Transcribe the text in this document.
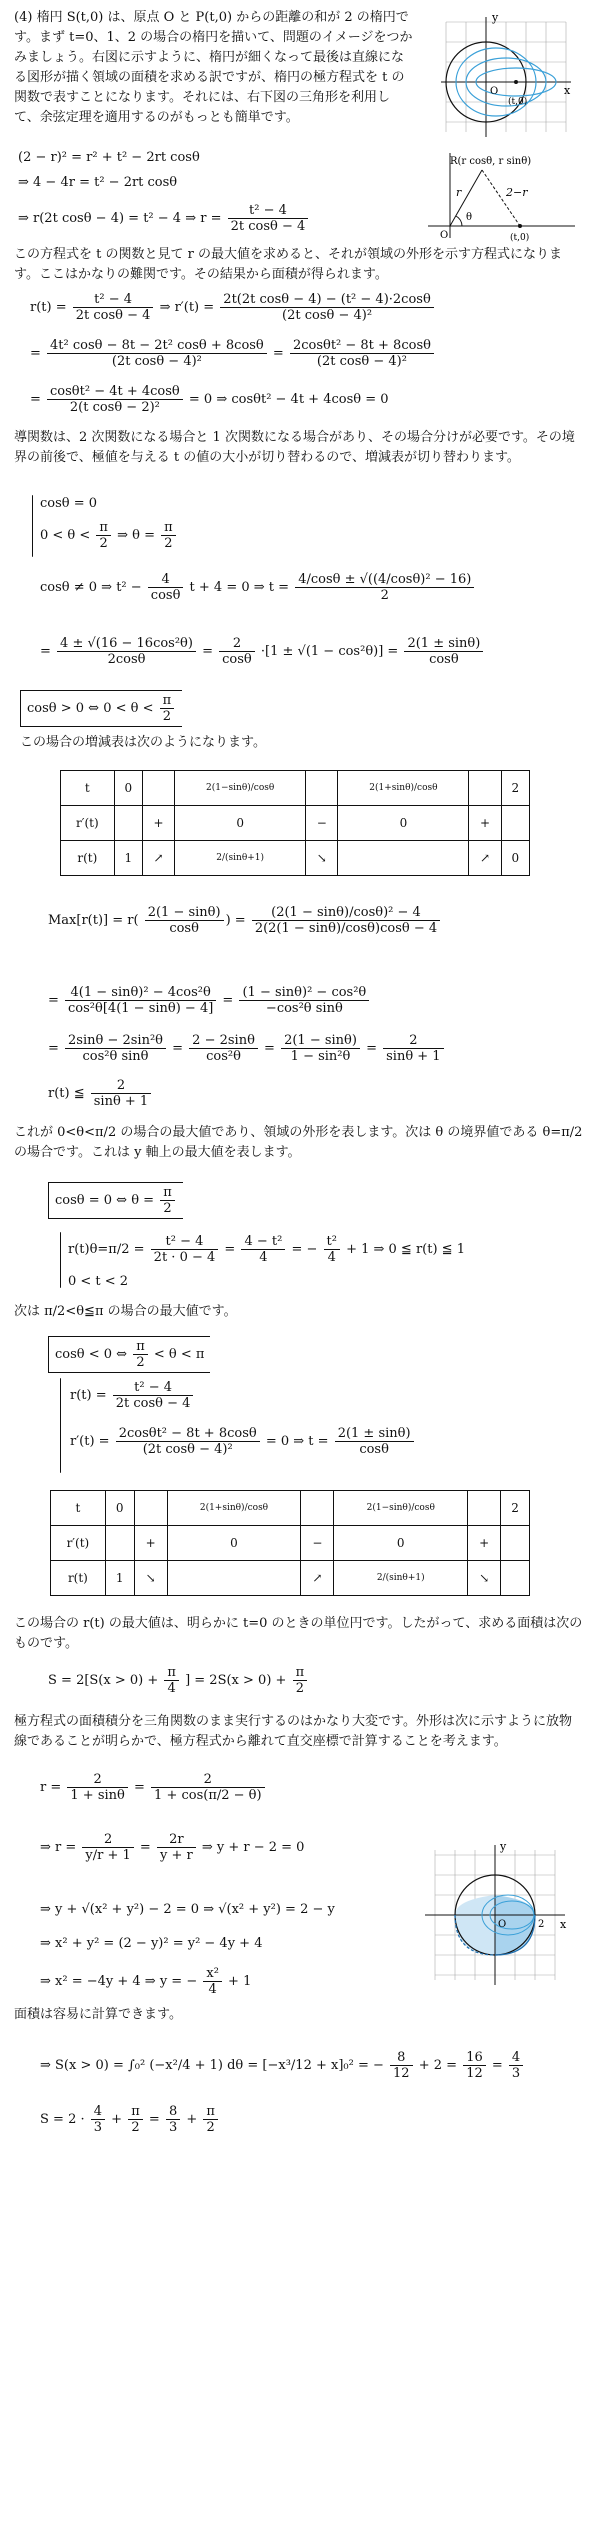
(4) 楕円 S(t,0) は、原点 O と P(t,0) からの距離の和が 2 の楕円です。まず t=0、1、2 の場合の楕円を描いて、問題のイメージをつかみましょう。右図に示すように、楕円が細くなって最後は直線になる図形が描く領域の面積を求める訳ですが、楕円の極方程式を t の関数で表すことになります。それには、右下図の三角形を利用して、余弦定理を適用するのがもっとも簡単です。
y
x
O
(t,0)
R(r cosθ, r sinθ)
r	2−r
θ
O	(t,0)
(2 − r)² = r² + t² − 2rt cosθ
⇒ 4 − 4r = t² − 2rt cosθ
⇒ r(2t cosθ − 4) = t² − 4 ⇒ $r = \frac{\text{t² − 4}}{\text{2t cosθ − 4}}$
この方程式を t の関数と見て r の最大値を求めると、それが領域の外形を示す方程式になります。ここはかなりの難関です。その結果から面積が得られます。
$r(t) = \frac{\text{t² − 4}}{\text{2t cosθ − 4}}$ ⇒ $r'(t) = \frac{\text{2t(2t cosθ − 4) − (t² − 4)·2cosθ}}{\text{(2t cosθ − 4)²}}$
= $\frac{\text{4t² cosθ − 8t − 2t² cosθ + 8cosθ}}{\text{(2t cosθ − 4)²}} = \frac{\text{2cosθt² − 8t + 8cosθ}}{\text{(2t cosθ − 4)²}}$
= $\frac{\text{cosθt² − 4t + 4cosθ}}{\text{2(t cosθ − 2)²}} = 0$ ⇒ cosθt² − 4t + 4cosθ = 0
導関数は、2 次関数になる場合と 1 次関数になる場合があり、その場合分けが必要です。その境界の前後で、極値を与える t の値の大小が切り替わるので、増減表が切り替わります。
cosθ = 0
$0 < \theta < \frac{\pi}{2}$ ⇒ $\theta = \frac{\pi}{2}$
cosθ ≠ 0 ⇒ $t^2 - \frac{4}{\cos\theta}$ t + 4 = 0 ⇒ $t = \frac{\text{4/cosθ ± √((4/cosθ)² − 16)}}{2}$
= $\frac{\text{4 ± √(16 − 16cos²θ)}}{2\cos\theta} = \frac{2}{\cos\theta} \cdot[1 \pm √(1 - \cos^2\theta)] = \frac{2(1 \pm \sin\theta)}{\cos\theta}$
cosθ > 0 ⇔ $0 < \theta < \frac{\pi}{2}$
この場合の増減表は次のようになります。
t	0		2(1−sinθ)/cosθ		2(1+sinθ)/cosθ		2
r′(t)		+	0	−	0	+	
r(t)	1	↗	2/(sinθ+1)	↘		↗	0
$Max[r(t)] = r( \frac{2(1 - \sin\theta)}{\cos\theta}$ ) = $\frac{\text{(2(1 − sinθ)/cosθ)² − 4}}{2(2(1 - \sin\theta)/\cos\theta)\cos\theta - 4}$
= $\frac{\text{4(1 − sinθ)² − 4cos²θ}}{\text{cos²θ[4(1 − sinθ) − 4]}} = \frac{\text{(1 − sinθ)² − cos²θ}}{\text{−cos²θ sinθ}}$
= $\frac{\text{2sinθ − 2sin²θ}}{\text{cos²θ sinθ}} = \frac{2 - 2\sin\theta}{\text{cos²θ}} = \frac{2(1 - \sin\theta)}{\text{1 − sin²θ}} = \frac{2}{\sin\theta + 1}$
r(t) ≦ $\frac{2}{\sin\theta + 1}$
これが 0<θ<π/2 の場合の最大値であり、領域の外形を表します。次は θ の境界値である θ=π/2 の場合です。これは y 軸上の最大値を表します。
cosθ = 0 ⇔ $\theta = \frac{\pi}{2}$
$r(t)\theta=\pi/2 = \frac{\text{t² − 4}}{2t \cdot 0 - 4} = \frac{\text{4 − t²}}{4}$ = − $\frac{\text{t²}}{4} + 1$ ⇒ 0 ≦ r(t) ≦ 1
0 < t < 2
次は π/2<θ≦π の場合の最大値です。
cosθ < 0 ⇔ $\frac{\pi}{2} < \theta < \pi$
$r(t) = \frac{\text{t² − 4}}{\text{2t cosθ − 4}}$
$r'(t) = \frac{\text{2cosθt² − 8t + 8cosθ}}{\text{(2t cosθ − 4)²}} = 0$ ⇒ $t = \frac{2(1 \pm \sin\theta)}{\cos\theta}$
t	0		2(1+sinθ)/cosθ		2(1−sinθ)/cosθ		2
r′(t)		+	0	−	0	+	
r(t)	1	↘		↗	2/(sinθ+1)	↘	
この場合の r(t) の最大値は、明らかに t=0 のときの単位円です。したがって、求める面積は次のものです。
$S = 2[S(x > 0) + \frac{\pi}{4}$ ] = $2S(x > 0) + \frac{\pi}{2}$
極方程式の面積積分を三角関数のまま実行するのはかなり大変です。外形は次に示すように放物線であることが明らかで、極方程式から離れて直交座標で計算することを考えます。
$r = \frac{2}{1 + \sin\theta} = \frac{2}{1 + \cos(\pi/2 - \theta)}$
⇒ $r = \frac{2}{y/r + 1} = \frac{2r}{y + r}$ ⇒ y + r − 2 = 0
⇒ y + √(x² + y²) − 2 = 0 ⇒ √(x² + y²) = 2 − y
⇒ x² + y² = (2 − y)² = y² − 4y + 4
⇒ x² = −4y + 4 ⇒ y = − $\frac{\text{x²}}{4} + 1$
y
x
O	2
面積は容易に計算できます。
⇒ S(x > 0) = ∫₀² (−x²/4 + 1) dθ = [−x³/12 + x]₀² = − $\frac{8}{12} + 2 = \frac{16}{12} = \frac{4}{3}$
$S = 2 \cdot \frac{4}{3} + \frac{\pi}{2} = \frac{8}{3} + \frac{\pi}{2}$
